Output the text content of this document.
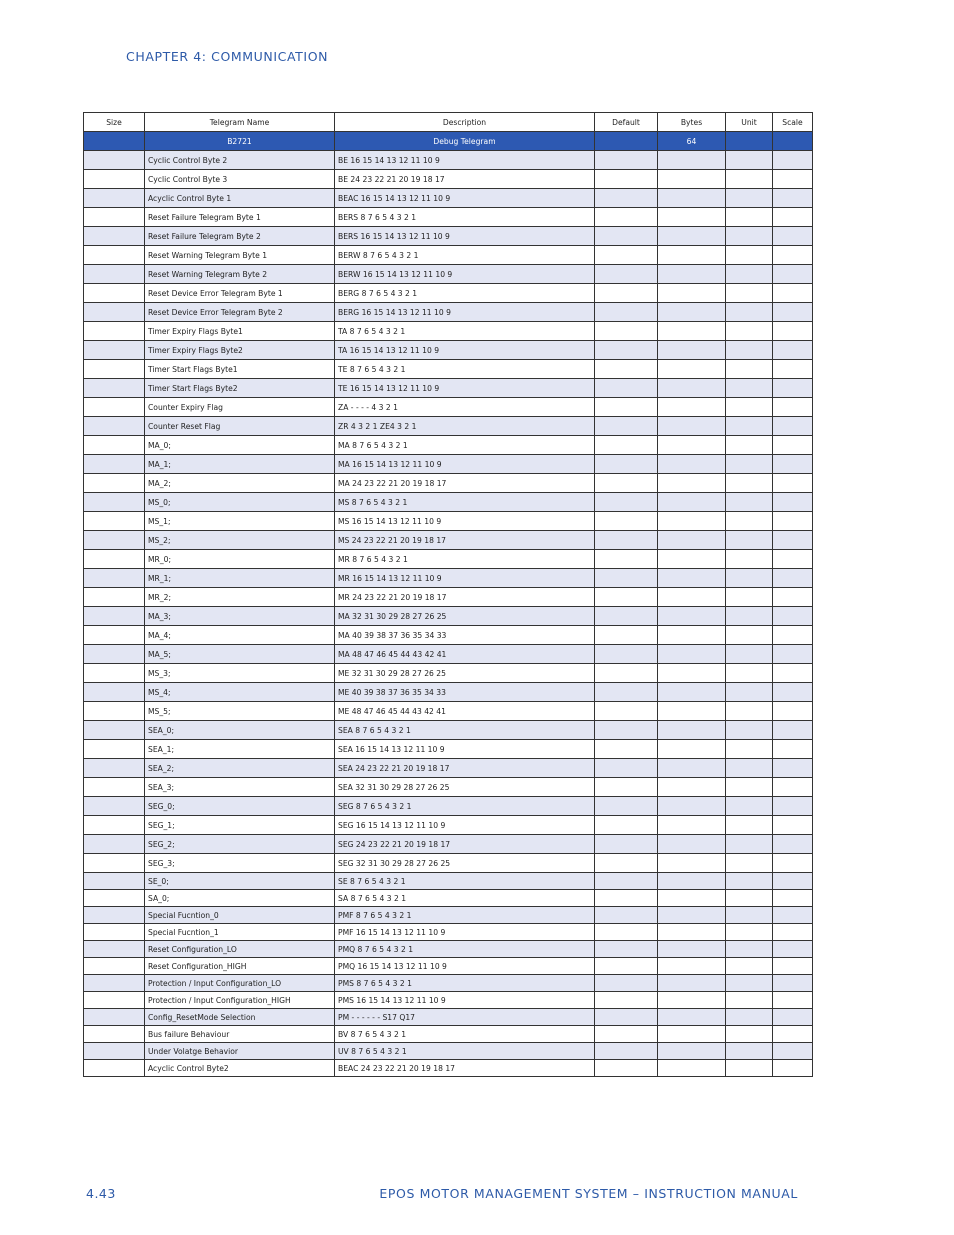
CHAPTER 4: COMMUNICATION
Size	Telegram Name	Description	Default	Bytes	Unit	Scale
	B2721	Debug Telegram		64		
	Cyclic Control Byte 2	BE 16 15 14 13 12 11 10 9				
	Cyclic Control Byte 3	BE 24 23 22 21 20 19 18 17				
	Acyclic Control Byte 1	BEAC 16 15 14 13 12 11 10 9				
	Reset Failure Telegram Byte 1	BERS 8 7 6 5 4 3 2 1				
	Reset Failure Telegram Byte 2	BERS 16 15 14 13 12 11 10 9				
	Reset Warning Telegram Byte 1	BERW 8 7 6 5 4 3 2 1				
	Reset Warning Telegram Byte 2	BERW 16 15 14 13 12 11 10 9				
	Reset Device Error Telegram Byte 1	BERG 8 7 6 5 4 3 2 1				
	Reset Device Error Telegram Byte 2	BERG 16 15 14 13 12 11 10 9				
	Timer Expiry Flags Byte1	TA 8 7 6 5 4 3 2 1				
	Timer Expiry Flags Byte2	TA 16 15 14 13 12 11 10 9				
	Timer Start Flags Byte1	TE 8 7 6 5 4 3 2 1				
	Timer Start Flags Byte2	TE 16 15 14 13 12 11 10 9				
	Counter Expiry Flag	ZA - - - - 4 3 2 1				
	Counter Reset Flag	ZR 4 3 2 1 ZE4 3 2 1				
	MA_0;	MA 8 7 6 5 4 3 2 1				
	MA_1;	MA 16 15 14 13 12 11 10 9				
	MA_2;	MA 24 23 22 21 20 19 18 17				
	MS_0;	MS 8 7 6 5 4 3 2 1				
	MS_1;	MS 16 15 14 13 12 11 10 9				
	MS_2;	MS 24 23 22 21 20 19 18 17				
	MR_0;	MR 8 7 6 5 4 3 2 1				
	MR_1;	MR 16 15 14 13 12 11 10 9				
	MR_2;	MR 24 23 22 21 20 19 18 17				
	MA_3;	MA 32 31 30 29 28 27 26 25				
	MA_4;	MA 40 39 38 37 36 35 34 33				
	MA_5;	MA 48 47 46 45 44 43 42 41				
	MS_3;	ME 32 31 30 29 28 27 26 25				
	MS_4;	ME 40 39 38 37 36 35 34 33				
	MS_5;	ME 48 47 46 45 44 43 42 41				
	SEA_0;	SEA 8 7 6 5 4 3 2 1				
	SEA_1;	SEA 16 15 14 13 12 11 10 9				
	SEA_2;	SEA 24 23 22 21 20 19 18 17				
	SEA_3;	SEA 32 31 30 29 28 27 26 25				
	SEG_0;	SEG 8 7 6 5 4 3 2 1				
	SEG_1;	SEG 16 15 14 13 12 11 10 9				
	SEG_2;	SEG 24 23 22 21 20 19 18 17				
	SEG_3;	SEG 32 31 30 29 28 27 26 25				
	SE_0;	SE 8 7 6 5 4 3 2 1				
	SA_0;	SA 8 7 6 5 4 3 2 1				
	Special Fucntion_0	PMF 8 7 6 5 4 3 2 1				
	Special Fucntion_1	PMF 16 15 14 13 12 11 10 9				
	Reset Configuration_LO	PMQ 8 7 6 5 4 3 2 1				
	Reset Configuration_HIGH	PMQ 16 15 14 13 12 11 10 9				
	Protection / Input Configuration_LO	PMS 8 7 6 5 4 3 2 1				
	Protection / Input Configuration_HIGH	PMS 16 15 14 13 12 11 10 9				
	Config_ResetMode Selection	PM - - - - - - S17 Q17				
	Bus failure Behaviour	BV 8 7 6 5 4 3 2 1				
	Under Volatge Behavior	UV 8 7 6 5 4 3 2 1				
	Acyclic Control Byte2	BEAC 24 23 22 21 20 19 18 17				
4.43	EPOS MOTOR MANAGEMENT SYSTEM – INSTRUCTION MANUAL
